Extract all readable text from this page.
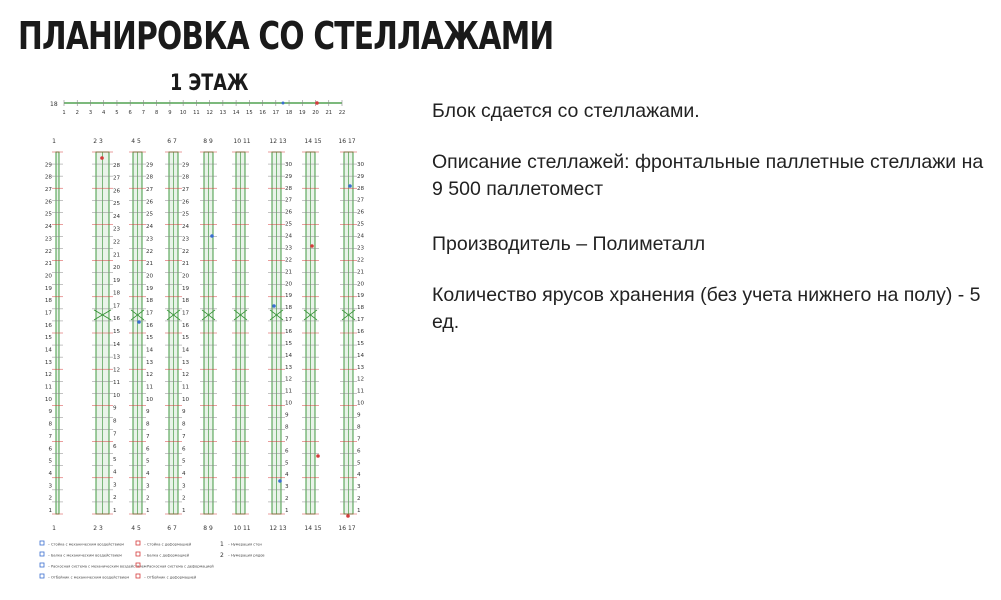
ПЛАНИРОВКА СО СТЕЛЛАЖАМИ
1 ЭТАЖ
18
1 2 3 4 5 6 7 8 9 10 11 12 13 14 15 16 17 18 19 20 21 22
1	2 3	4 5	6 7	8 9	10 11	12 13	14 15	16 17
1
2
3
4
5
6
7
8
9
10
11
12
13
14
15
16
17
18
19
20
21
22
23
24
25
26
27
28
29
1
2
3
4
5
6
7
8
9
10
11
12
13
14
15
16
17
18
19
20
21
22
23
24
25
26
27
28
1
2
3
4
5
6
7
8
9
10
11
12
13
14
15
16
17
18
19
20
21
22
23
24
25
26
27
28
29
1
2
3
4
5
6
7
8
9
10
11
12
13
14
15
16
17
18
19
20
21
22
23
24
25
26
27
28
29
1
2
3
4
5
6
7
8
9
10
11
12
13
14
15
16
17
18
19
20
21
22
23
24
25
26
27
28
29
30
1
2
3
4
5
6
7
8
9
10
11
12
13
14
15
16
17
18
19
20
21
22
23
24
25
26
27
28
29
30
1	2 3	4 5	6 7	8 9	10 11	12 13	14 15	16 17
– Стойка с механическим воздействием
– Балка с механическим воздействием
– Раскосная система с механическим воздействием
– Отбойник с механическим воздействием
– Стойка с деформацией
– Балка с деформацией
– Раскосная система с деформацией
– Отбойник с деформацией
1 – Нумерация стен
2 – Нумерация рядов

Блок сдается со стеллажами.

Описание стеллажей: фронтальные паллетные стеллажи на 9 500 паллетомест

Производитель – Полиметалл

Количество ярусов хранения (без учета нижнего на полу) - 5 ед.
